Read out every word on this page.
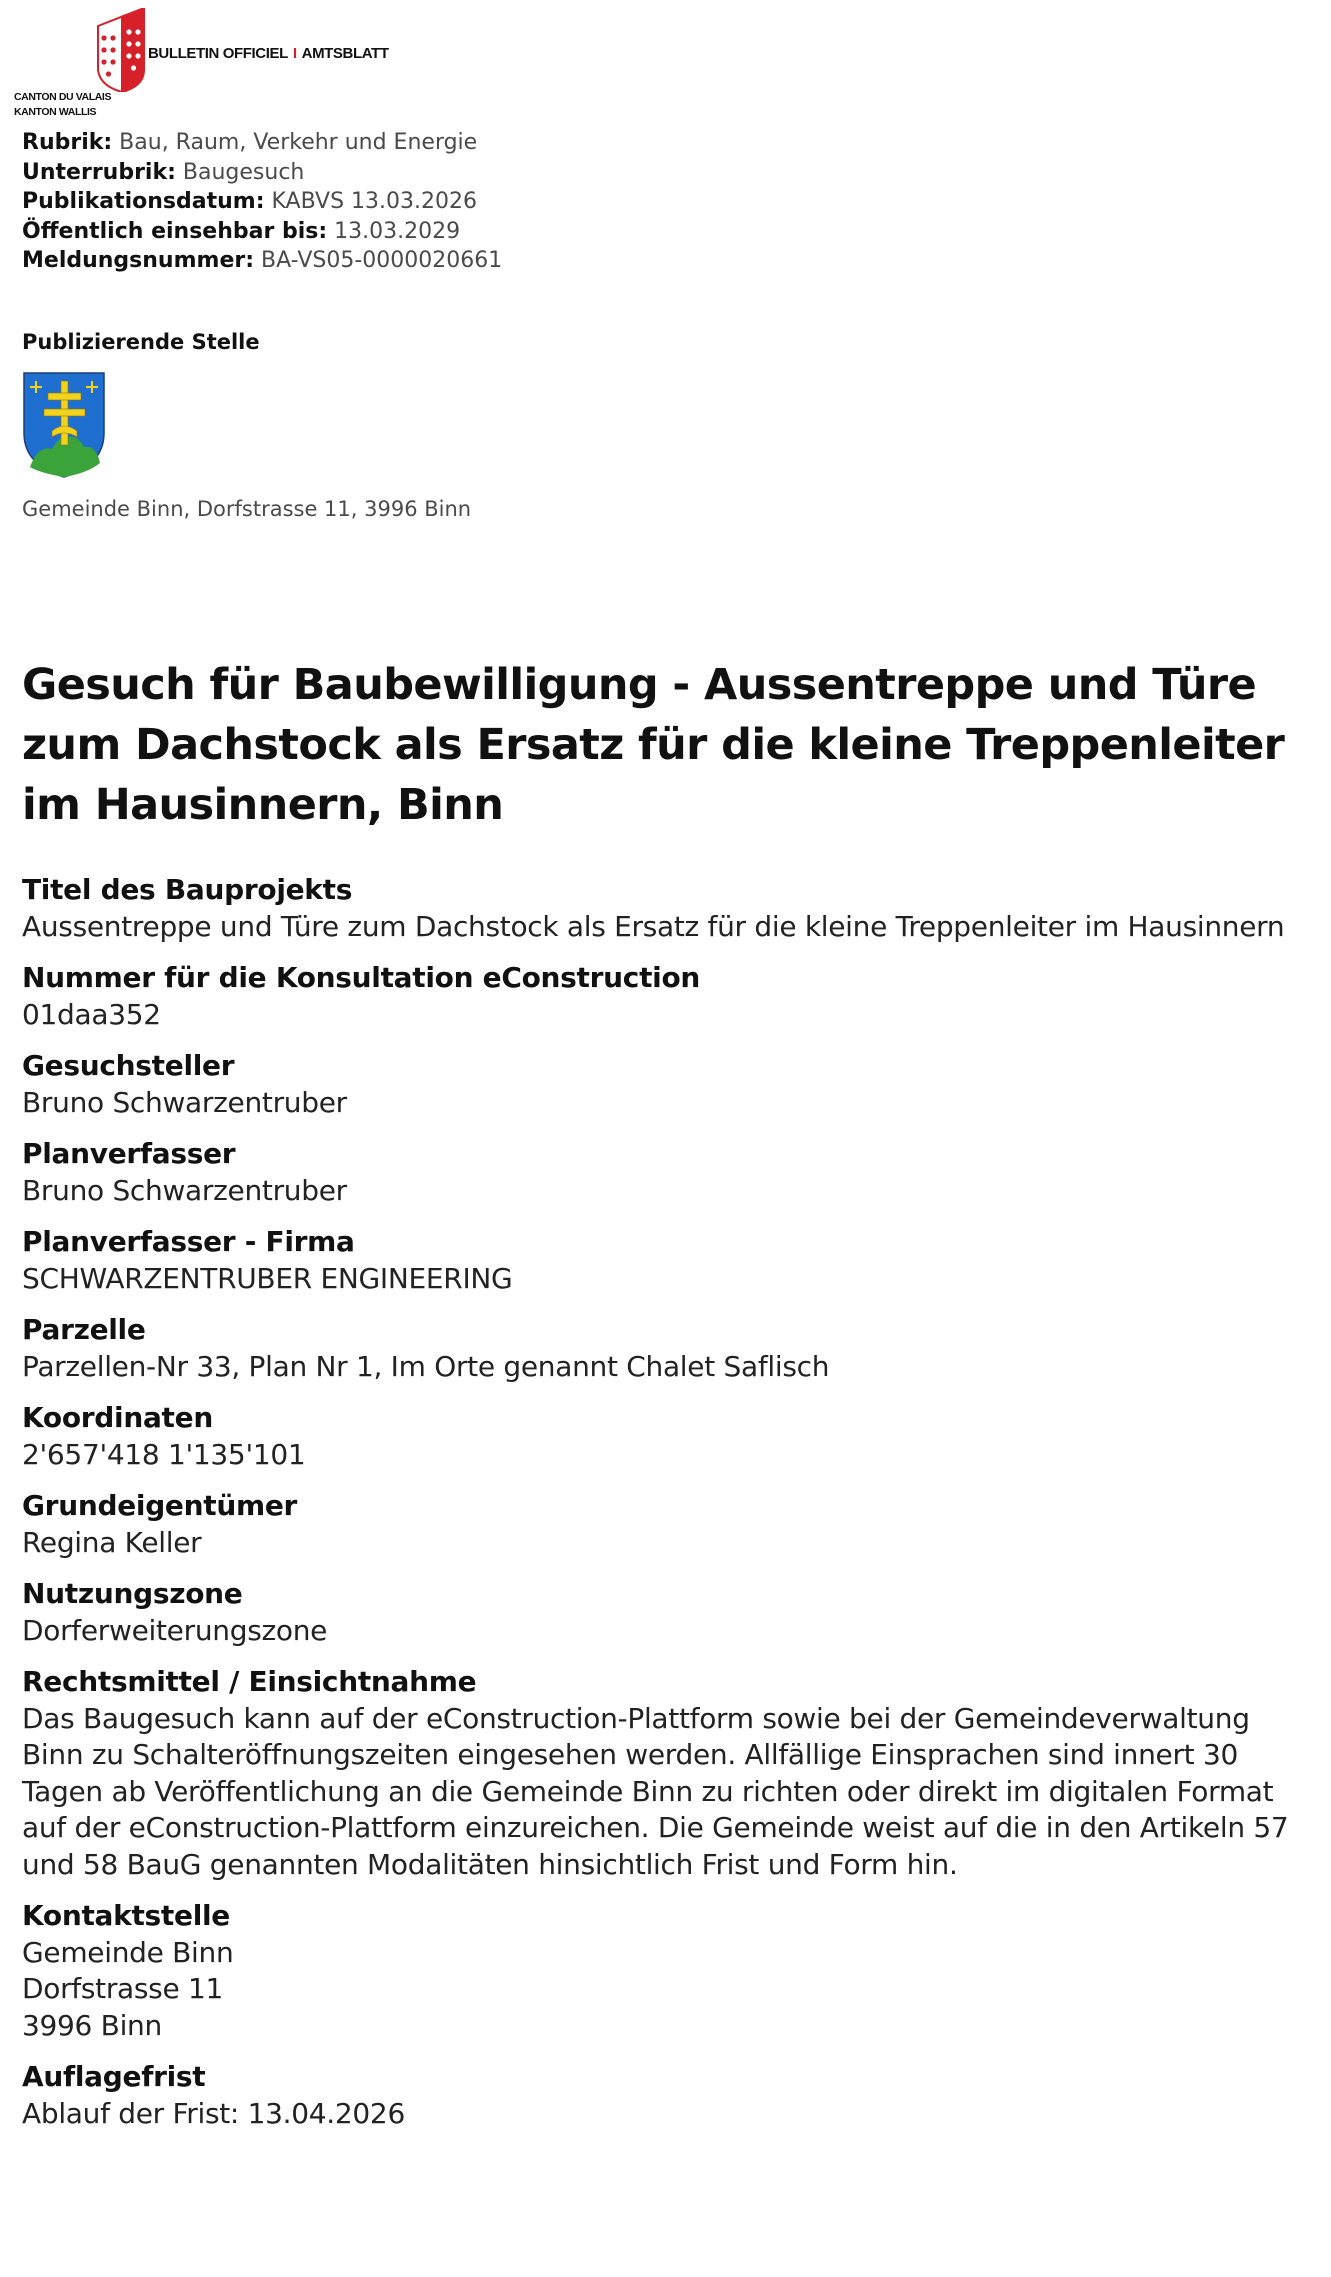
CANTON DU VALAIS
KANTON WALLIS
BULLETIN OFFICIEL I AMTSBLATT
Rubrik: Bau, Raum, Verkehr und Energie
Unterrubrik: Baugesuch
Publikationsdatum: KABVS 13.03.2026
Öffentlich einsehbar bis: 13.03.2029
Meldungsnummer: BA-VS05-0000020661
Publizierende Stelle
Gemeinde Binn, Dorfstrasse 11, 3996 Binn
Gesuch für Baubewilligung - Aussentreppe und Türe zum Dachstock als Ersatz für die kleine Treppenleiter im Hausinnern, Binn
Titel des Bauprojekts
Aussentreppe und Türe zum Dachstock als Ersatz für die kleine Treppenleiter im Hausinnern
Nummer für die Konsultation eConstruction
01daa352
Gesuchsteller
Bruno Schwarzentruber
Planverfasser
Bruno Schwarzentruber
Planverfasser - Firma
SCHWARZENTRUBER ENGINEERING
Parzelle
Parzellen-Nr 33, Plan Nr 1, Im Orte genannt Chalet Saflisch
Koordinaten
2'657'418 1'135'101
Grundeigentümer
Regina Keller
Nutzungszone
Dorferweiterungszone
Rechtsmittel / Einsichtnahme
Das Baugesuch kann auf der eConstruction-Plattform sowie bei der Gemeindeverwaltung Binn zu Schalteröffnungszeiten eingesehen werden. Allfällige Einsprachen sind innert 30 Tagen ab Veröffentlichung an die Gemeinde Binn zu richten oder direkt im digitalen Format auf der eConstruction-Plattform einzureichen. Die Gemeinde weist auf die in den Artikeln 57 und 58 BauG genannten Modalitäten hinsichtlich Frist und Form hin.
Kontaktstelle
Gemeinde Binn
Dorfstrasse 11
3996 Binn
Auflagefrist
Ablauf der Frist: 13.04.2026
